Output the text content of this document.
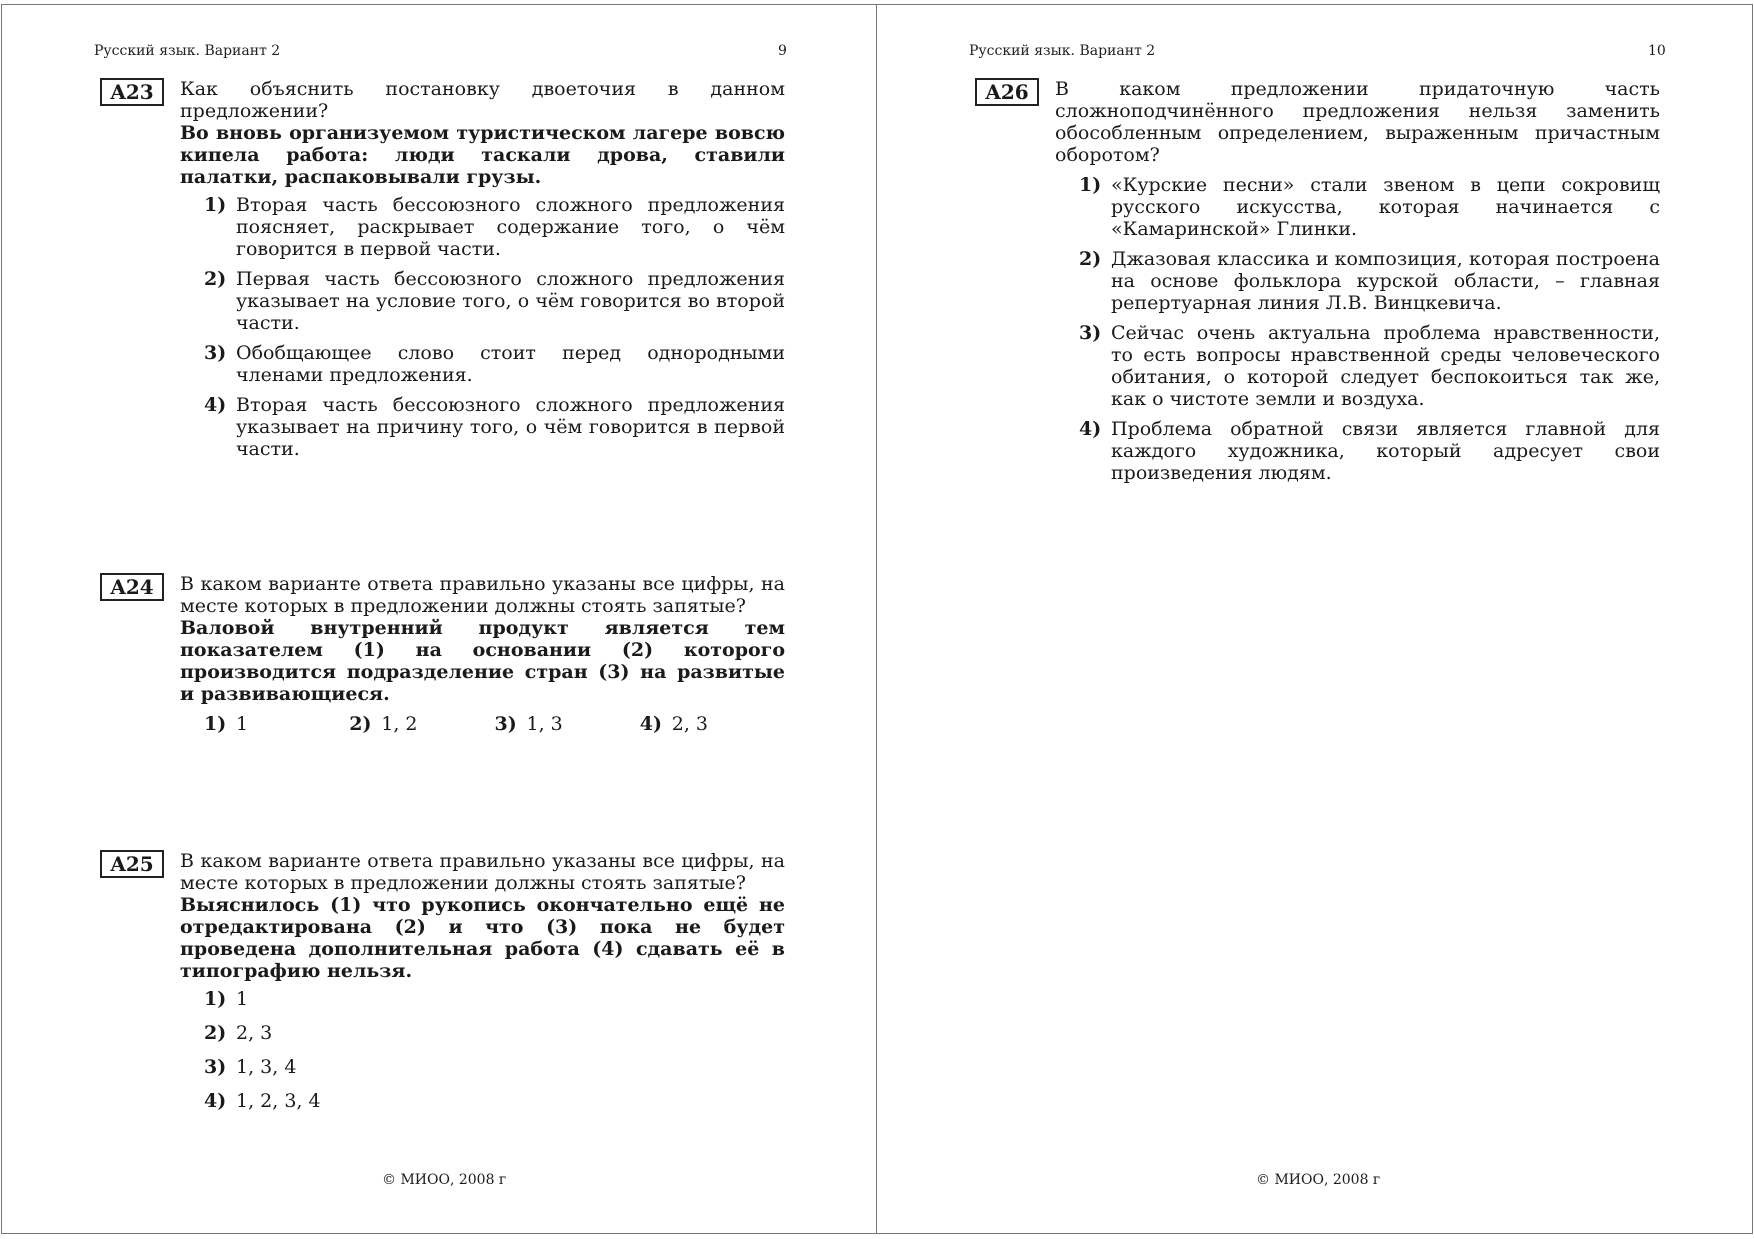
Русский язык. Вариант 2	9
A23	Как объяснить постановку двоеточия в данном предложении?
Во вновь организуемом туристическом лагере вовсю кипела работа: люди таскали дрова, ставили палатки, распаковывали грузы.
1) Вторая часть бессоюзного сложного предложения поясняет, раскрывает содержание того, о чём говорится в первой части.
2) Первая часть бессоюзного сложного предложения указывает на условие того, о чём говорится во второй части.
3) Обобщающее слово стоит перед однородными членами предложения.
4) Вторая часть бессоюзного сложного предложения указывает на причину того, о чём говорится в первой части.
A24	В каком варианте ответа правильно указаны все цифры, на месте которых в предложении должны стоять запятые?
Валовой внутренний продукт является тем показателем (1) на основании (2) которого производится подразделение стран (3) на развитые и развивающиеся.
1) 1	2) 1, 2	3) 1, 3	4) 2, 3
A25	В каком варианте ответа правильно указаны все цифры, на месте которых в предложении должны стоять запятые?
Выяснилось (1) что рукопись окончательно ещё не отредактирована (2) и что (3) пока не будет проведена дополнительная работа (4) сдавать её в типографию нельзя.
1) 1
2) 2, 3
3) 1, 3, 4
4) 1, 2, 3, 4
© МИОО, 2008 г
Русский язык. Вариант 2	10
A26	В каком предложении придаточную часть сложноподчинённого предложения нельзя заменить обособленным определением, выраженным причастным оборотом?
1) «Курские песни» стали звеном в цепи сокровищ русского искусства, которая начинается с «Камаринской» Глинки.
2) Джазовая классика и композиция, которая построена на основе фольклора курской области, – главная репертуарная линия Л.В. Винцкевича.
3) Сейчас очень актуальна проблема нравственности, то есть вопросы нравственной среды человеческого обитания, о которой следует беспокоиться так же, как о чистоте земли и воздуха.
4) Проблема обратной связи является главной для каждого художника, который адресует свои произведения людям.
© МИОО, 2008 г
